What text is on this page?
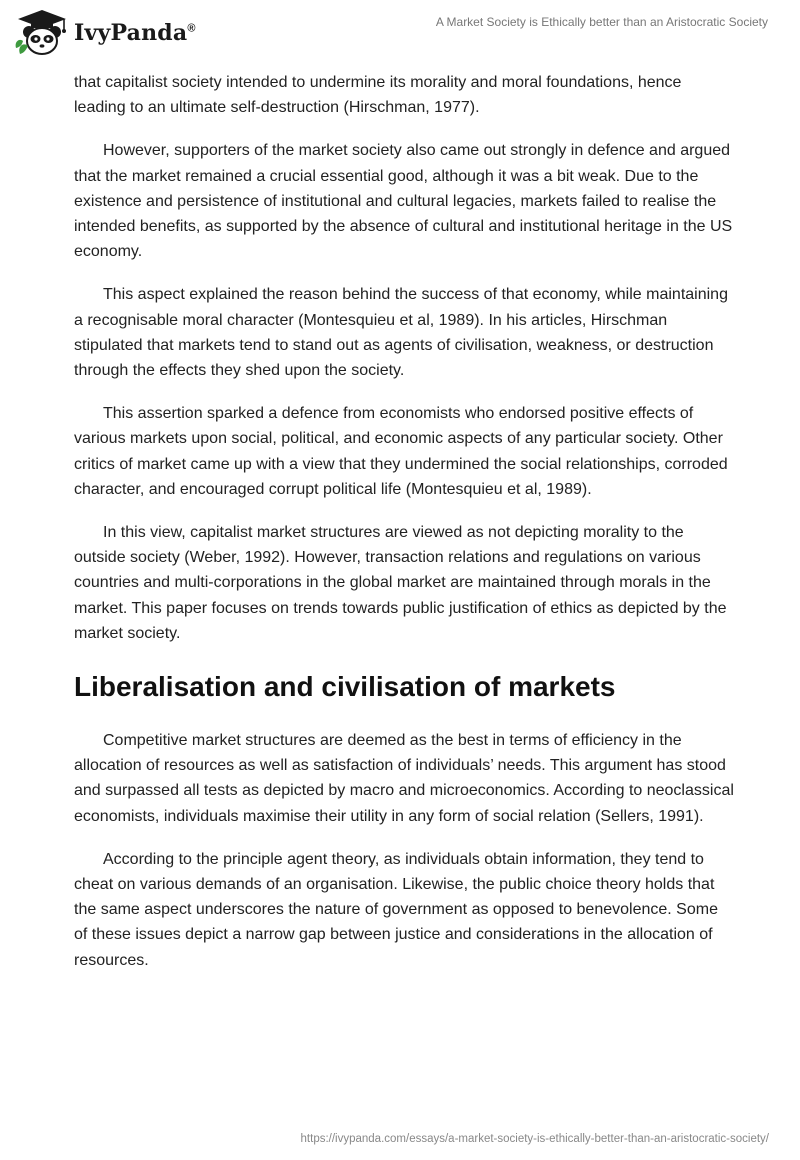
IvyPanda®	A Market Society is Ethically better than an Aristocratic Society

that capitalist society intended to undermine its morality and moral foundations, hence leading to an ultimate self-destruction (Hirschman, 1977).

However, supporters of the market society also came out strongly in defence and argued that the market remained a crucial essential good, although it was a bit weak. Due to the existence and persistence of institutional and cultural legacies, markets failed to realise the intended benefits, as supported by the absence of cultural and institutional heritage in the US economy.

This aspect explained the reason behind the success of that economy, while maintaining a recognisable moral character (Montesquieu et al, 1989). In his articles, Hirschman stipulated that markets tend to stand out as agents of civilisation, weakness, or destruction through the effects they shed upon the society.

This assertion sparked a defence from economists who endorsed positive effects of various markets upon social, political, and economic aspects of any particular society. Other critics of market came up with a view that they undermined the social relationships, corroded character, and encouraged corrupt political life (Montesquieu et al, 1989).

In this view, capitalist market structures are viewed as not depicting morality to the outside society (Weber, 1992). However, transaction relations and regulations on various countries and multi-corporations in the global market are maintained through morals in the market. This paper focuses on trends towards public justification of ethics as depicted by the market society.

Liberalisation and civilisation of markets

Competitive market structures are deemed as the best in terms of efficiency in the allocation of resources as well as satisfaction of individuals’ needs. This argument has stood and surpassed all tests as depicted by macro and microeconomics. According to neoclassical economists, individuals maximise their utility in any form of social relation (Sellers, 1991).

According to the principle agent theory, as individuals obtain information, they tend to cheat on various demands of an organisation. Likewise, the public choice theory holds that the same aspect underscores the nature of government as opposed to benevolence. Some of these issues depict a narrow gap between justice and considerations in the allocation of resources.

https://ivypanda.com/essays/a-market-society-is-ethically-better-than-an-aristocratic-society/
